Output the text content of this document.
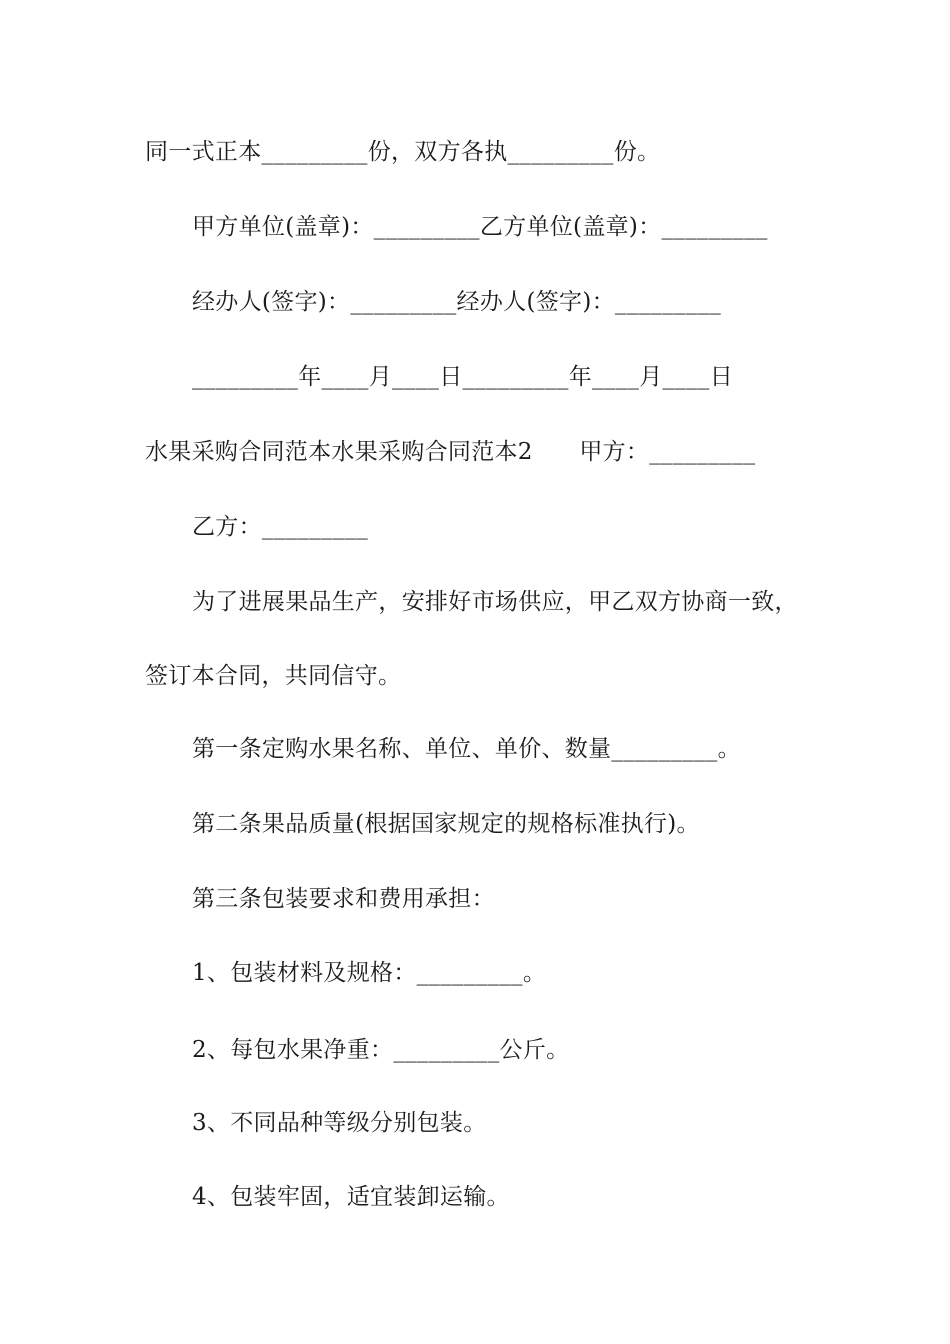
同一式正本_________份，双方各执_________份。
甲方单位(盖章)：_________乙方单位(盖章)：_________
经办人(签字)：_________经办人(签字)：_________
_________年____月____日_________年____月____日
水果采购合同范本水果采购合同范本2　　甲方：_________
乙方：_________
为了进展果品生产，安排好市场供应，甲乙双方协商一致，
签订本合同，共同信守。
第一条定购水果名称、单位、单价、数量_________。
第二条果品质量(根据国家规定的规格标准执行)。
第三条包装要求和费用承担：
1、包装材料及规格：_________。
2、每包水果净重：_________公斤。
3、不同品种等级分别包装。
4、包装牢固，适宜装卸运输。
